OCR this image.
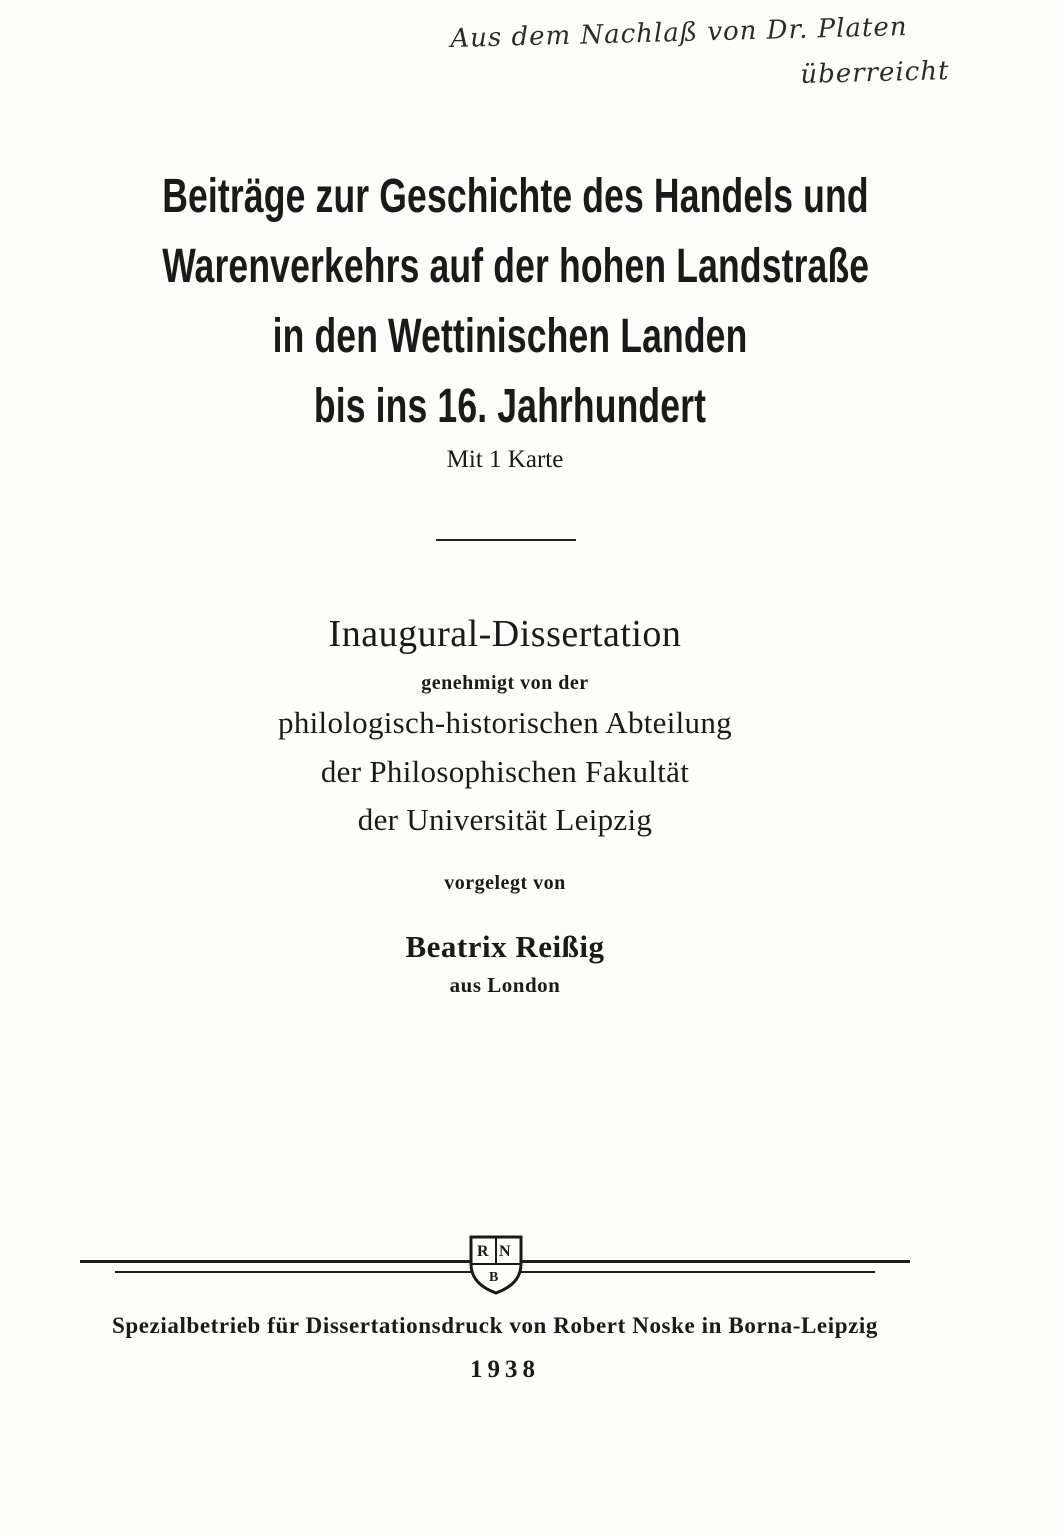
Aus dem Nachlaß von Dr. Platen
überreicht
Beiträge zur Geschichte des Handels und
Warenverkehrs auf der hohen Landstraße
in den Wettinischen Landen
bis ins 16. Jahrhundert
Mit 1 Karte
Inaugural-Dissertation
genehmigt von der
philologisch-historischen Abteilung
der Philosophischen Fakultät
der Universität Leipzig
vorgelegt von
Beatrix Reißig
aus London
R N
B
Spezialbetrieb für Dissertationsdruck von Robert Noske in Borna-Leipzig
1938
